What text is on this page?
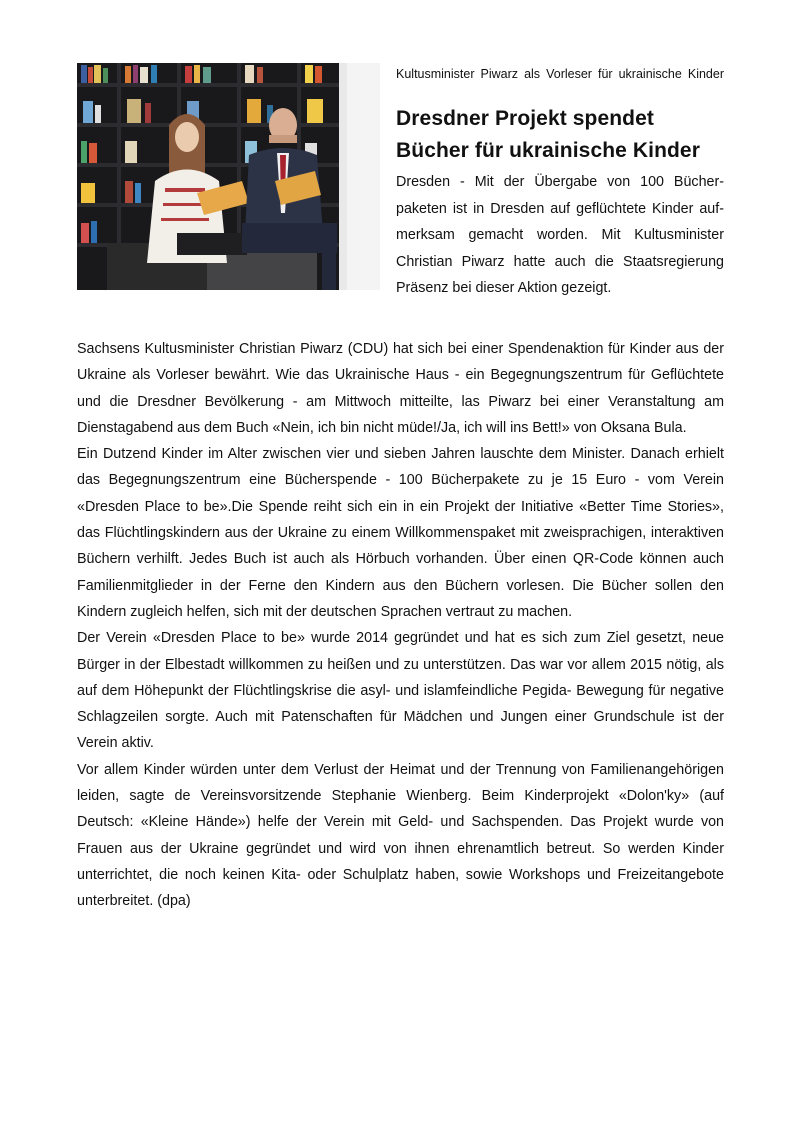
Kultusminister Piwarz als Vorleser für ukrainische Kinder

Dresdner Projekt spendet
Bücher für ukrainische Kinder

Dresden - Mit der Übergabe von 100 Bücherpaketen ist in Dresden auf geflüchtete Kinder aufmerksam gemacht worden. Mit Kultusminister Christian Piwarz hatte auch die Staatsregierung Präsenz bei dieser Aktion gezeigt.

Sachsens Kultusminister Christian Piwarz (CDU) hat sich bei einer Spendenaktion für Kinder aus der Ukraine als Vorleser bewährt. Wie das Ukrainische Haus - ein Begegnungszentrum für Geflüchtete und die Dresdner Bevölkerung - am Mittwoch mitteilte, las Piwarz bei einer Veranstaltung am Dienstagabend aus dem Buch «Nein, ich bin nicht müde!/Ja, ich will ins Bett!» von Oksana Bula.

Ein Dutzend Kinder im Alter zwischen vier und sieben Jahren lauschte dem Minister. Danach erhielt das Begegnungszentrum eine Bücherspende - 100 Bücherpakete zu je 15 Euro - vom Verein «Dresden Place to be».Die Spende reiht sich ein in ein Projekt der Initiative «Better Time Stories», das Flüchtlingskindern aus der Ukraine zu einem Willkommenspaket mit zweisprachigen, interaktiven Büchern verhilft. Jedes Buch ist auch als Hörbuch vorhanden. Über einen QR-Code können auch Familienmitglieder in der Ferne den Kindern aus den Büchern vorlesen. Die Bücher sollen den Kindern zugleich helfen, sich mit der deutschen Sprachen vertraut zu machen.

Der Verein «Dresden Place to be» wurde 2014 gegründet und hat es sich zum Ziel gesetzt, neue Bürger in der Elbestadt willkommen zu heißen und zu unterstützen. Das war vor allem 2015 nötig, als auf dem Höhepunkt der Flüchtlingskrise die asyl- und islamfeindliche Pegida- Bewegung für negative Schlagzeilen sorgte. Auch mit Patenschaften für Mädchen und Jungen einer Grundschule ist der Verein aktiv.

Vor allem Kinder würden unter dem Verlust der Heimat und der Trennung von Familienangehörigen leiden, sagte de Vereinsvorsitzende Stephanie Wienberg. Beim Kinderprojekt «Dolon'ky» (auf Deutsch: «Kleine Hände») helfe der Verein mit Geld- und Sachspenden. Das Projekt wurde von Frauen aus der Ukraine gegründet und wird von ihnen ehrenamtlich betreut. So werden Kinder unterrichtet, die noch keinen Kita- oder Schulplatz haben, sowie Workshops und Freizeitangebote unterbreitet. (dpa)
